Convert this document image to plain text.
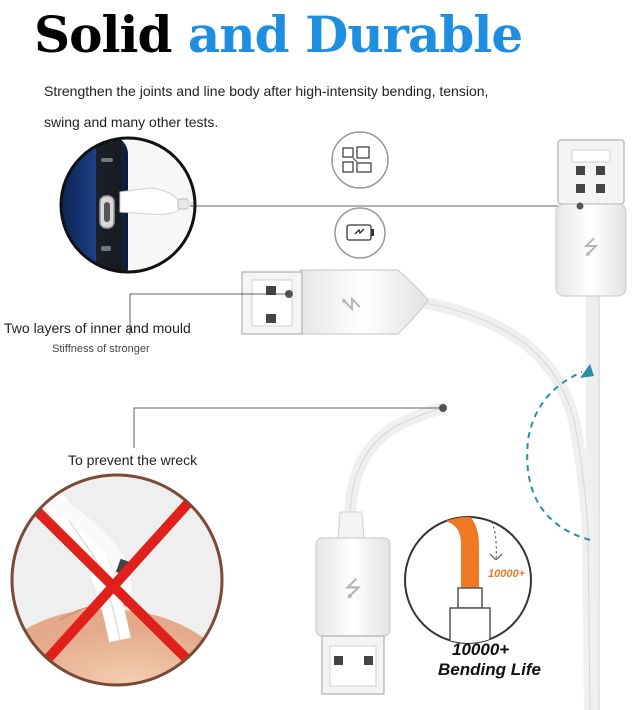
Solid and Durable
Strengthen the joints and line body after high-intensity bending, tension,
swing and many other tests.
⭍
⭍
⭍
Two layers of inner and mould
Stiffness of stronger
To prevent the wreck
10000+
10000+
Bending Life
